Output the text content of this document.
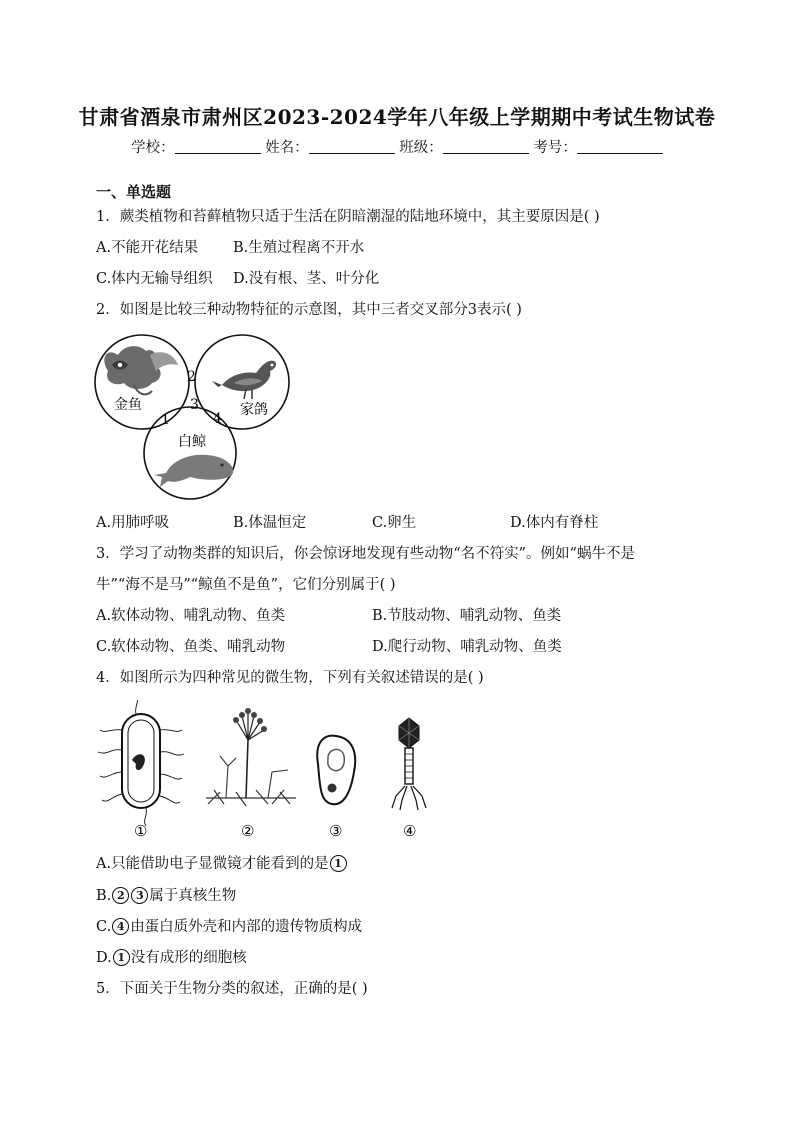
甘肃省酒泉市肃州区2023-2024学年八年级上学期期中考试生物试卷
学校：	姓名：	班级：	考号：
一、单选题
1．蕨类植物和苔藓植物只适于生活在阴暗潮湿的陆地环境中，其主要原因是( )
A.不能开花结果 B.生殖过程离不开水
C.体内无输导组织 D.没有根、茎、叶分化
2．如图是比较三种动物特征的示意图，其中三者交叉部分3表示( )
金鱼	家鸽
白鲸
2
3
1	4
A.用肺呼吸	B.体温恒定	C.卵生	D.体内有脊柱
3．学习了动物类群的知识后，你会惊讶地发现有些动物“名不符实”。例如“蜗牛不是
牛”“海不是马”“鲸鱼不是鱼”，它们分别属于( )
A.软体动物、哺乳动物、鱼类	B.节肢动物、哺乳动物、鱼类
C.软体动物、鱼类、哺乳动物	D.爬行动物、哺乳动物、鱼类
4．如图所示为四种常见的微生物，下列有关叙述错误的是( )
①	②	③	④
A.只能借助电子显微镜才能看到的是 1
B. 2 3 属于真核生物
C. 4 由蛋白质外壳和内部的遗传物质构成
D. 1 没有成形的细胞核
5．下面关于生物分类的叙述，正确的是( )
